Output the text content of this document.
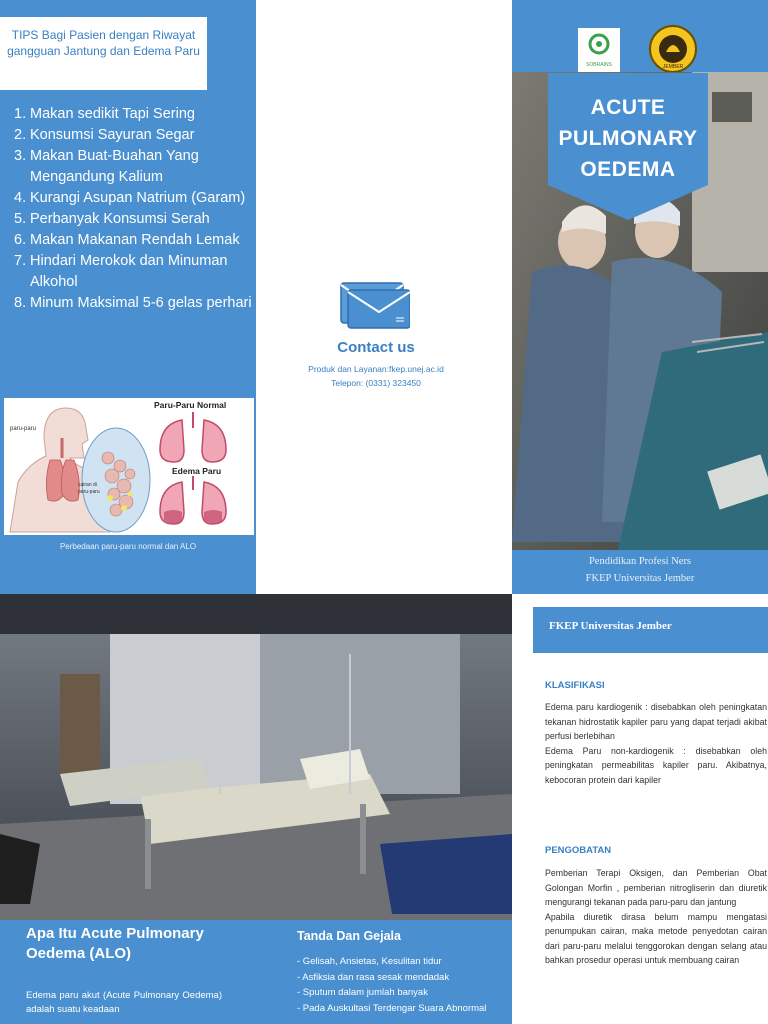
TIPS Bagi Pasien dengan Riwayat gangguan Jantung dan Edema Paru
1. Makan sedikit Tapi Sering
2. Konsumsi Sayuran Segar
3. Makan Buat-Buahan Yang Mengandung Kalium
4. Kurangi Asupan Natrium (Garam)
5. Perbanyak Konsumsi Serah
6. Makan Makanan Rendah Lemak
7. Hindari Merokok dan Minuman Alkohol
8. Minum Maksimal 5-6 gelas perhari
paru-paru
cairan di
paru-paru
Paru-Paru Normal
Edema Paru
Perbedaan paru-paru normal dan ALO
Contact us
Produk dan Layanan:fkep.unej.ac.id
Telepon: (0331) 323450
SOBRAINS	JEMBER
ACUTE
PULMONARY
OEDEMA
Pendidikan Profesi Ners
FKEP Universitas Jember
Apa Itu Acute Pulmonary Oedema (ALO)
Edema paru akut (Acute Pulmonary Oedema) adalah suatu keadaan
Tanda Dan Gejala
- Gelisah, Ansietas, Kesulitan tidur
- Asfiksia dan rasa sesak mendadak
- Sputum dalam jumlah banyak
- Pada Auskultasi Terdengar Suara Abnormal
FKEP Universitas Jember
KLASIFIKASI

Edema paru kardiogenik : disebabkan oleh peningkatan tekanan hidrostatik kapiler paru yang dapat terjadi akibat perfusi berlebihan

Edema Paru non-kardiogenik : disebabkan oleh peningkatan permeabilitas kapiler paru. Akibatnya, kebocoran protein dari kapiler

PENGOBATAN

Pemberian Terapi Oksigen, dan Pemberian Obat Golongan Morfin , pemberian nitrogliserin dan diuretik mengurangi tekanan pada paru-paru dan jantung

Apabila diuretik dirasa belum mampu mengatasi penumpukan cairan, maka metode penyedotan cairan dari paru-paru melalui tenggorokan dengan selang atau bahkan prosedur operasi untuk membuang cairan
